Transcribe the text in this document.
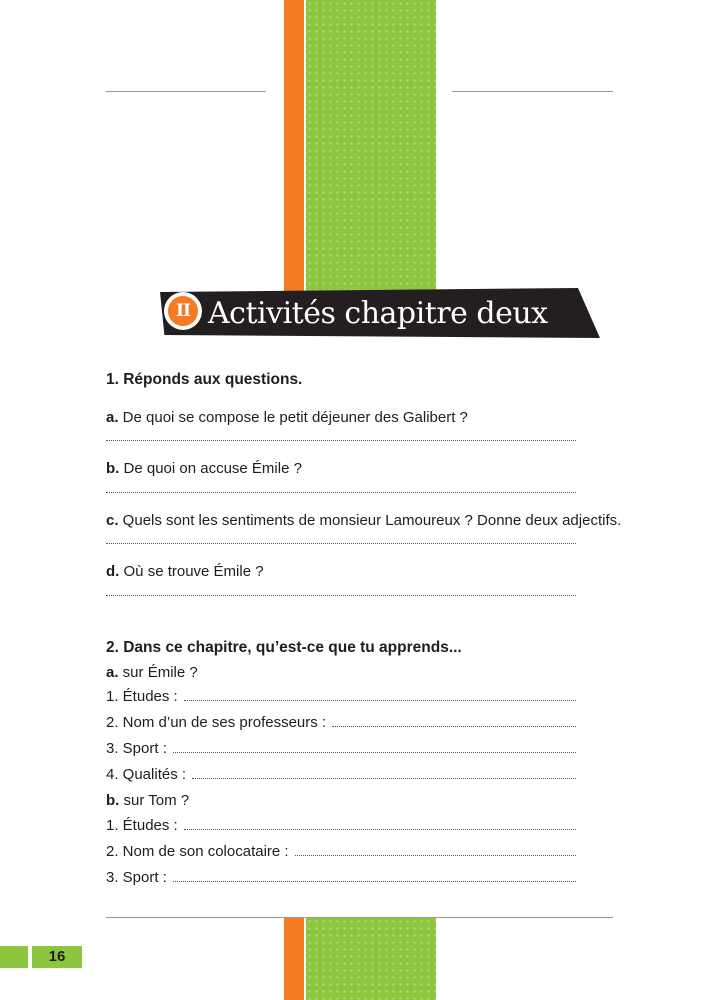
II Activités chapitre deux
1. Réponds aux questions.
a. De quoi se compose le petit déjeuner des Galibert ?
b. De quoi on accuse Émile ?
c. Quels sont les sentiments de monsieur Lamoureux ? Donne deux adjectifs.
d. Où se trouve Émile ?
2. Dans ce chapitre, qu’est-ce que tu apprends...
a. sur Émile ?
1. Études :
2. Nom d’un de ses professeurs :
3. Sport :
4. Qualités :
b. sur Tom ?
1. Études :
2. Nom de son colocataire :
3. Sport :
16
